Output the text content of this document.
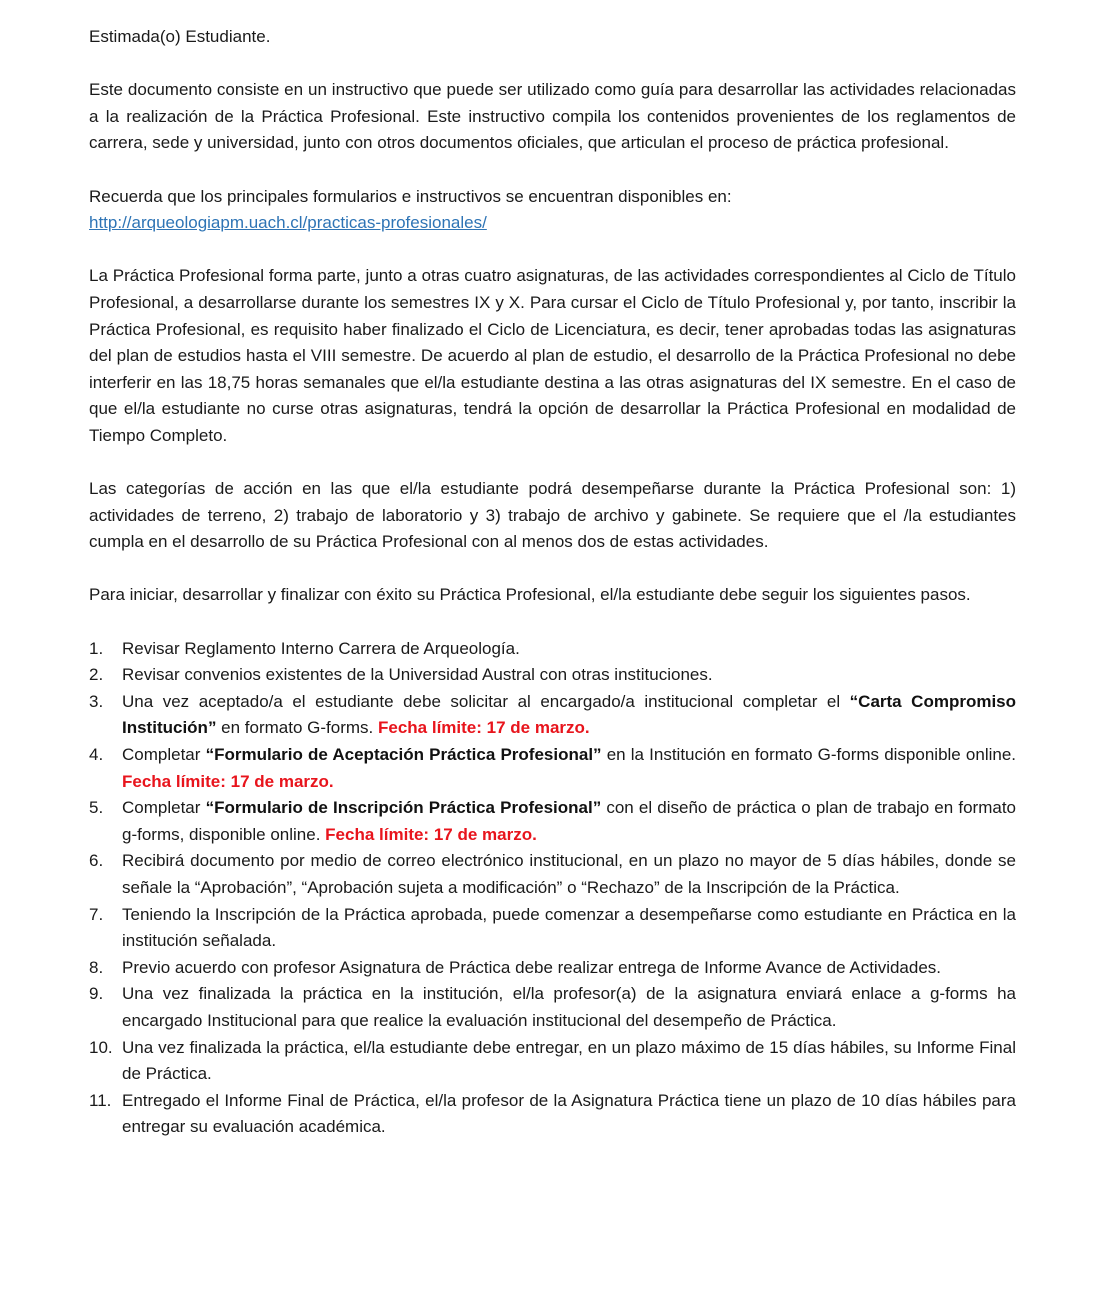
Estimada(o) Estudiante.

Este documento consiste en un instructivo que puede ser utilizado como guía para desarrollar las actividades relacionadas a la realización de la Práctica Profesional. Este instructivo compila los contenidos provenientes de los reglamentos de carrera, sede y universidad, junto con otros documentos oficiales, que articulan el proceso de práctica profesional.

Recuerda que los principales formularios e instructivos se encuentran disponibles en:
http://arqueologiapm.uach.cl/practicas-profesionales/

La Práctica Profesional forma parte, junto a otras cuatro asignaturas, de las actividades correspondientes al Ciclo de Título Profesional, a desarrollarse durante los semestres IX y X. Para cursar el Ciclo de Título Profesional y, por tanto, inscribir la Práctica Profesional, es requisito haber finalizado el Ciclo de Licenciatura, es decir, tener aprobadas todas las asignaturas del plan de estudios hasta el VIII semestre. De acuerdo al plan de estudio, el desarrollo de la Práctica Profesional no debe interferir en las 18,75 horas semanales que el/la estudiante destina a las otras asignaturas del IX semestre. En el caso de que el/la estudiante no curse otras asignaturas, tendrá la opción de desarrollar la Práctica Profesional en modalidad de Tiempo Completo.

Las categorías de acción en las que el/la estudiante podrá desempeñarse durante la Práctica Profesional son: 1) actividades de terreno, 2) trabajo de laboratorio y 3) trabajo de archivo y gabinete. Se requiere que el /la estudiantes cumpla en el desarrollo de su Práctica Profesional con al menos dos de estas actividades.

Para iniciar, desarrollar y finalizar con éxito su Práctica Profesional, el/la estudiante debe seguir los siguientes pasos.

1. Revisar Reglamento Interno Carrera de Arqueología.
2. Revisar convenios existentes de la Universidad Austral con otras instituciones.
3. Una vez aceptado/a el estudiante debe solicitar al encargado/a institucional completar el “Carta Compromiso Institución” en formato G-forms. Fecha límite: 17 de marzo.
4. Completar “Formulario de Aceptación Práctica Profesional” en la Institución en formato G-forms disponible online. Fecha límite: 17 de marzo.
5. Completar “Formulario de Inscripción Práctica Profesional” con el diseño de práctica o plan de trabajo en formato g-forms, disponible online. Fecha límite: 17 de marzo.
6. Recibirá documento por medio de correo electrónico institucional, en un plazo no mayor de 5 días hábiles, donde se señale la “Aprobación”, “Aprobación sujeta a modificación” o “Rechazo” de la Inscripción de la Práctica.
7. Teniendo la Inscripción de la Práctica aprobada, puede comenzar a desempeñarse como estudiante en Práctica en la institución señalada.
8. Previo acuerdo con profesor Asignatura de Práctica debe realizar entrega de Informe Avance de Actividades.
9. Una vez finalizada la práctica en la institución, el/la profesor(a) de la asignatura enviará enlace a g-forms ha encargado Institucional para que realice la evaluación institucional del desempeño de Práctica.
10. Una vez finalizada la práctica, el/la estudiante debe entregar, en un plazo máximo de 15 días hábiles, su Informe Final de Práctica.
11. Entregado el Informe Final de Práctica, el/la profesor de la Asignatura Práctica tiene un plazo de 10 días hábiles para entregar su evaluación académica.
